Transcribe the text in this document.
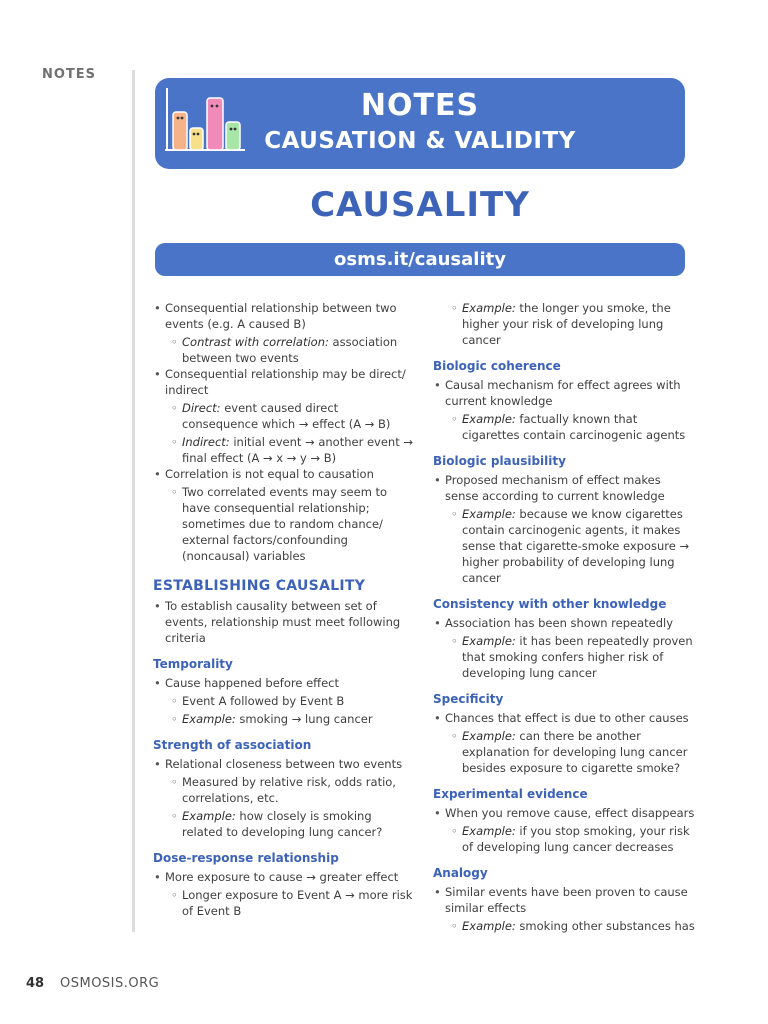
NOTES
NOTES
CAUSATION & VALIDITY
CAUSALITY
osms.it/causality

• Consequential relationship between two events (e.g. A caused B)

◦ Contrast with correlation: association between two events

• Consequential relationship may be direct/ indirect

◦ Direct: event caused direct consequence which → effect (A → B)

◦ Indirect: initial event → another event → final effect (A → x → y → B)

• Correlation is not equal to causation

◦ Two correlated events may seem to have consequential relationship; sometimes due to random chance/ external factors/confounding (noncausal) variables

ESTABLISHING CAUSALITY

• To establish causality between set of events, relationship must meet following criteria

Temporality

• Cause happened before effect

◦ Event A followed by Event B

◦ Example: smoking → lung cancer

Strength of association

• Relational closeness between two events

◦ Measured by relative risk, odds ratio, correlations, etc.

◦ Example: how closely is smoking related to developing lung cancer?

Dose-response relationship

• More exposure to cause → greater effect

◦ Longer exposure to Event A → more risk of Event B

◦ Example: the longer you smoke, the higher your risk of developing lung cancer

Biologic coherence

• Causal mechanism for effect agrees with current knowledge

◦ Example: factually known that cigarettes contain carcinogenic agents

Biologic plausibility

• Proposed mechanism of effect makes sense according to current knowledge

◦ Example: because we know cigarettes contain carcinogenic agents, it makes sense that cigarette-smoke exposure → higher probability of developing lung cancer

Consistency with other knowledge

• Association has been shown repeatedly

◦ Example: it has been repeatedly proven that smoking confers higher risk of developing lung cancer

Specificity

• Chances that effect is due to other causes

◦ Example: can there be another explanation for developing lung cancer besides exposure to cigarette smoke?

Experimental evidence

• When you remove cause, effect disappears

◦ Example: if you stop smoking, your risk of developing lung cancer decreases

Analogy

• Similar events have been proven to cause similar effects

◦ Example: smoking other substances has

48 OSMOSIS.ORG
